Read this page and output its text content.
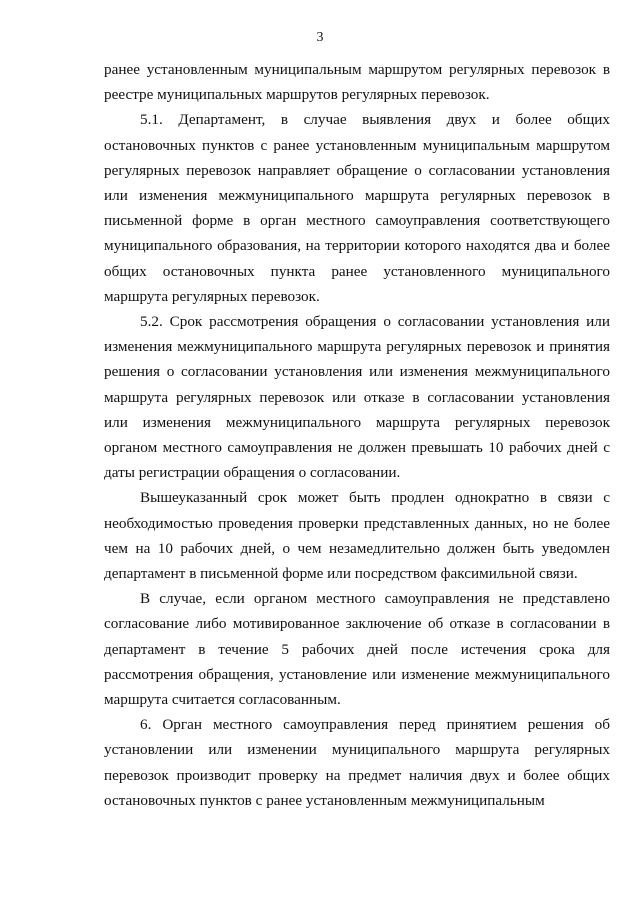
3
ранее установленным муниципальным маршрутом регулярных перевозок в
реестре муниципальных маршрутов регулярных перевозок.
5.1. Департамент, в случае выявления двух и более общих
остановочных пунктов с ранее установленным муниципальным маршрутом
регулярных перевозок направляет обращение о согласовании установления
или изменения межмуниципального маршрута регулярных перевозок в
письменной форме в орган местного самоуправления соответствующего
муниципального образования, на территории которого находятся два и более
общих остановочных пункта ранее установленного муниципального
маршрута регулярных перевозок.
5.2. Срок рассмотрения обращения о согласовании установления или
изменения межмуниципального маршрута регулярных перевозок и принятия
решения о согласовании установления или изменения межмуниципального
маршрута регулярных перевозок или отказе в согласовании установления
или изменения межмуниципального маршрута регулярных перевозок
органом местного самоуправления не должен превышать 10 рабочих дней с
даты регистрации обращения о согласовании.
Вышеуказанный срок может быть продлен однократно в связи с
необходимостью проведения проверки представленных данных, но не более
чем на 10 рабочих дней, о чем незамедлительно должен быть уведомлен
департамент в письменной форме или посредством факсимильной связи.
В случае, если органом местного самоуправления не представлено
согласование либо мотивированное заключение об отказе в согласовании в
департамент в течение 5 рабочих дней после истечения срока для
рассмотрения обращения, установление или изменение межмуниципального
маршрута считается согласованным.
6. Орган местного самоуправления перед принятием решения об
установлении или изменении муниципального маршрута регулярных
перевозок производит проверку на предмет наличия двух и более общих
остановочных пунктов с ранее установленным межмуниципальным
